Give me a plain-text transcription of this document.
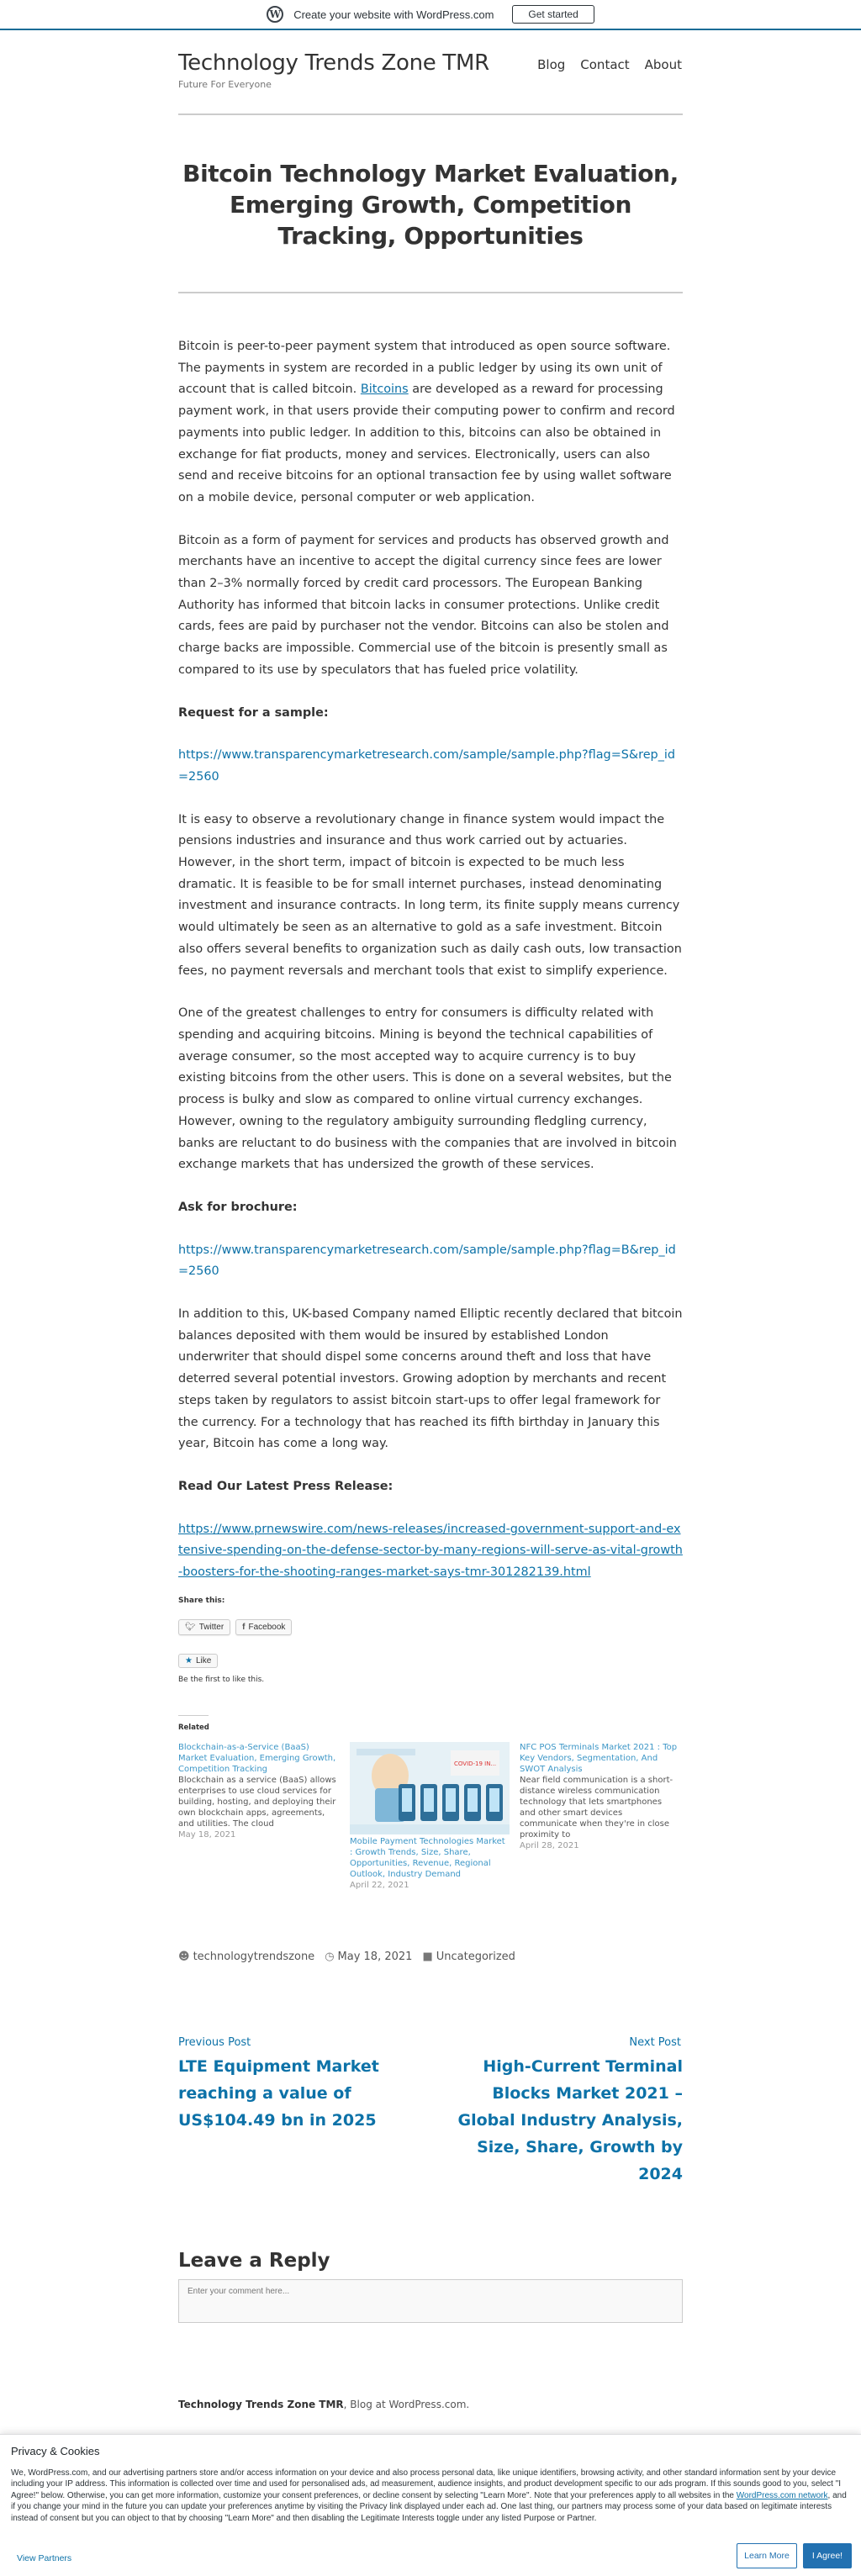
W Create your website with WordPress.com	Get started
Technology Trends Zone TMR
Future For Everyone
Blog Contact About
Bitcoin Technology Market Evaluation, Emerging Growth, Competition Tracking, Opportunities

Bitcoin is peer-to-peer payment system that introduced as open source software. The payments in system are recorded in a public ledger by using its own unit of account that is called bitcoin. Bitcoins are developed as a reward for processing payment work, in that users provide their computing power to confirm and record payments into public ledger. In addition to this, bitcoins can also be obtained in exchange for fiat products, money and services. Electronically, users can also send and receive bitcoins for an optional transaction fee by using wallet software on a mobile device, personal computer or web application.

Bitcoin as a form of payment for services and products has observed growth and merchants have an incentive to accept the digital currency since fees are lower than 2–3% normally forced by credit card processors. The European Banking Authority has informed that bitcoin lacks in consumer protections. Unlike credit cards, fees are paid by purchaser not the vendor. Bitcoins can also be stolen and charge backs are impossible. Commercial use of the bitcoin is presently small as compared to its use by speculators that has fueled price volatility.

Request for a sample:

https://www.transparencymarketresearch.com/sample/sample.php?flag=S&rep_id=2560

It is easy to observe a revolutionary change in finance system would impact the pensions industries and insurance and thus work carried out by actuaries. However, in the short term, impact of bitcoin is expected to be much less dramatic. It is feasible to be for small internet purchases, instead denominating investment and insurance contracts. In long term, its finite supply means currency would ultimately be seen as an alternative to gold as a safe investment. Bitcoin also offers several benefits to organization such as daily cash outs, low transaction fees, no payment reversals and merchant tools that exist to simplify experience.

One of the greatest challenges to entry for consumers is difficulty related with spending and acquiring bitcoins. Mining is beyond the technical capabilities of average consumer, so the most accepted way to acquire currency is to buy existing bitcoins from the other users. This is done on a several websites, but the process is bulky and slow as compared to online virtual currency exchanges. However, owning to the regulatory ambiguity surrounding fledgling currency, banks are reluctant to do business with the companies that are involved in bitcoin exchange markets that has undersized the growth of these services.

Ask for brochure:

https://www.transparencymarketresearch.com/sample/sample.php?flag=B&rep_id=2560

In addition to this, UK-based Company named Elliptic recently declared that bitcoin balances deposited with them would be insured by established London underwriter that should dispel some concerns around theft and loss that have deterred several potential investors. Growing adoption by merchants and recent steps taken by regulators to assist bitcoin start-ups to offer legal framework for the currency. For a technology that has reached its fifth birthday in January this year, Bitcoin has come a long way.

Read Our Latest Press Release:

https://www.prnewswire.com/news-releases/increased-government-support-and-extensive-spending-on-the-defense-sector-by-many-regions-will-serve-as-vital-growth-boosters-for-the-shooting-ranges-market-says-tmr-301282139.html

Share this:
🐦︎ Twitter f Facebook
★ Like
Be the first to like this.
Related
Blockchain-as-a-Service (BaaS) Market Evaluation, Emerging Growth, Competition Tracking
Blockchain as a service (BaaS) allows enterprises to use cloud services for building, hosting, and deploying their own blockchain apps, agreements, and utilities. The cloud
May 18, 2021
COVID-19 IN...
Mobile Payment Technologies Market : Growth Trends, Size, Share, Opportunities, Revenue, Regional Outlook, Industry Demand
April 22, 2021
NFC POS Terminals Market 2021 : Top Key Vendors, Segmentation, And SWOT Analysis
Near field communication is a short-distance wireless communication technology that lets smartphones and other smart devices communicate when they're in close proximity to
April 28, 2021
☻ technologytrendszone ◷ May 18, 2021 ■ Uncategorized
Previous Post
LTE Equipment Market reaching a value of US$104.49 bn in 2025
Next Post
High-Current Terminal Blocks Market 2021 – Global Industry Analysis, Size, Share, Growth by 2024
Leave a Reply
Enter your comment here...
Technology Trends Zone TMR, Blog at WordPress.com.
Privacy & Cookies
We, WordPress.com, and our advertising partners store and/or access information on your device and also process personal data, like unique identifiers, browsing activity, and other standard information sent by your device including your IP address. This information is collected over time and used for personalised ads, ad measurement, audience insights, and product development specific to our ads program. If this sounds good to you, select "I Agree!" below. Otherwise, you can get more information, customize your consent preferences, or decline consent by selecting "Learn More". Note that your preferences apply to all websites in the WordPress.com network, and if you change your mind in the future you can update your preferences anytime by visiting the Privacy link displayed under each ad. One last thing, our partners may process some of your data based on legitimate interests instead of consent but you can object to that by choosing "Learn More" and then disabling the Legitimate Interests toggle under any listed Purpose or Partner.
View Partners	Learn More	I Agree!
